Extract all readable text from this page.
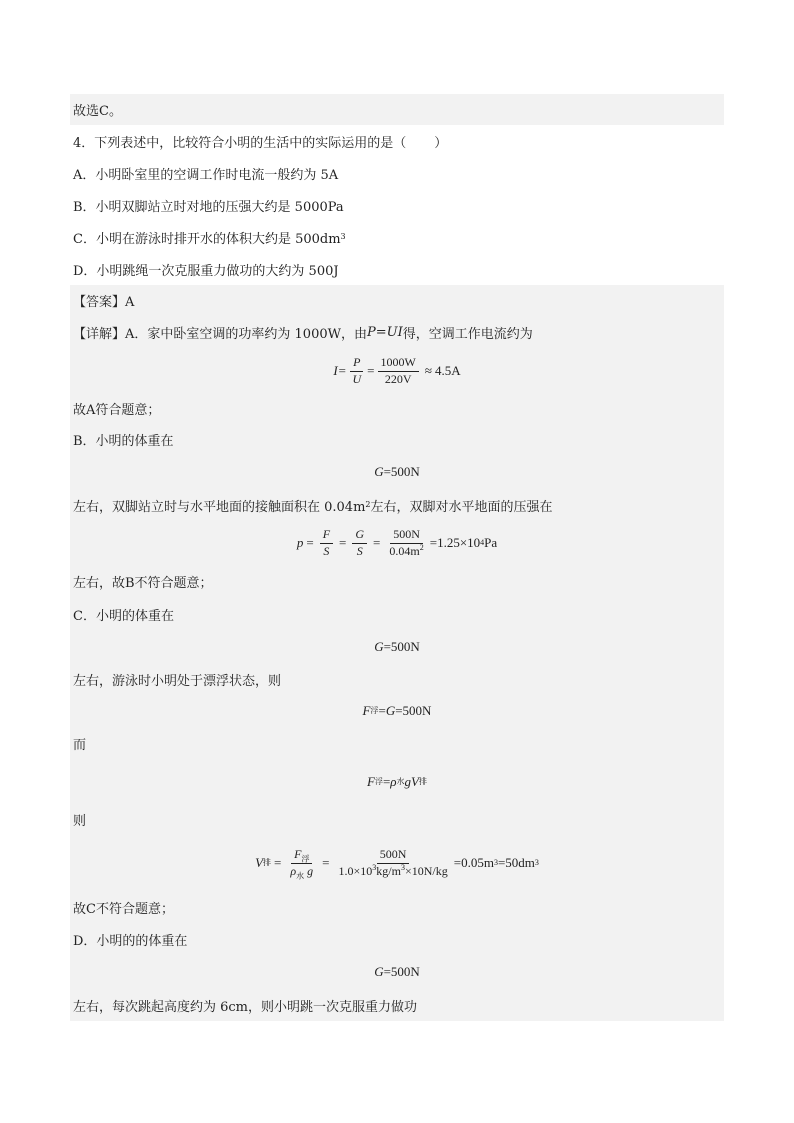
故选C。
4．下列表述中，比较符合小明的生活中的实际运用的是（ ）
A．小明卧室里的空调工作时电流一般约为 5A
B．小明双脚站立时对地的压强大约是 5000Pa
C．小明在游泳时排开水的体积大约是 500dm 3
D．小明跳绳一次克服重力做功的大约为 500J
【答案】A
【详解】A．家中卧室空调的功率约为 1000W，由 P=UI 得，空调工作电流约为
$I= \frac{P}{U} = \frac{1000W}{220V} \approx 4.5A$
故A符合题意；
B．小明的体重在
G =500N
左右，双脚站立时与水平地面的接触面积在 0.04m 2 左右，双脚对水平地面的压强在
$p = \frac{F}{S} = \frac{G}{S} = \frac{500N}{0.04m^2} =1.25\times 10$ 4 Pa
左右，故B不符合题意；
C．小明的体重在
G =500N
左右，游泳时小明处于漂浮状态，则
F 浮 = G =500N
而
F 浮 = ρ 水 g V 排
则
V 排 = $\frac{F_浮}{\rho_水 g} = \frac{500N}{1.0\times 10^3kg/m^3\times 10N/kg} =0.05m$ 3 =50dm 3
故C不符合题意；
D．小明的的体重在
G =500N
左右，每次跳起高度约为 6cm，则小明跳一次克服重力做功
